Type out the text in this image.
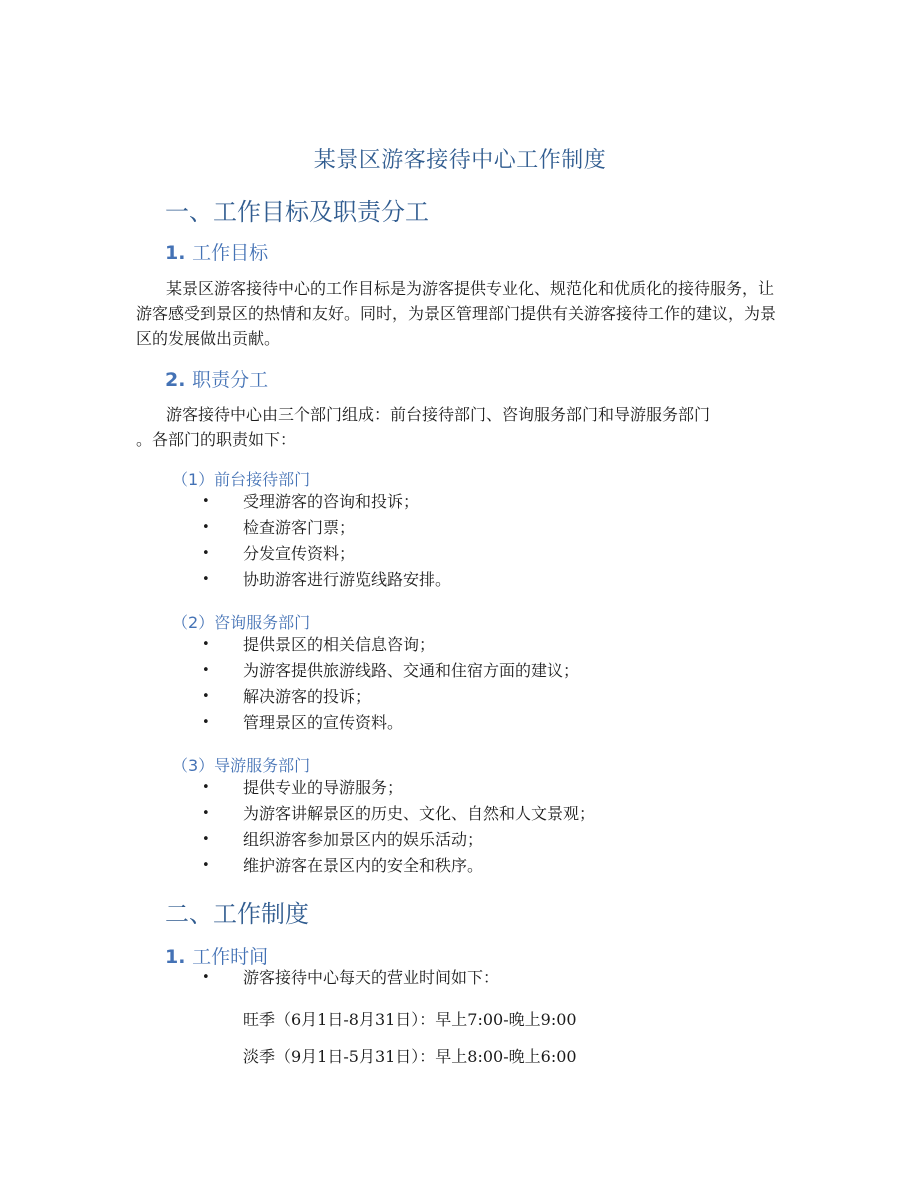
某景区游客接待中心工作制度
一、工作目标及职责分工
1. 工作目标
某景区游客接待中心的工作目标是为游客提供专业化、规范化和优质化的接待服务，让游客感受到景区的热情和友好。同时，为景区管理部门提供有关游客接待工作的建议，为景区的发展做出贡献。
2. 职责分工
游客接待中心由三个部门组成：前台接待部门、咨询服务部门和导游服务部门
。各部门的职责如下：
（1）前台接待部门
• 受理游客的咨询和投诉；
• 检查游客门票；
• 分发宣传资料；
• 协助游客进行游览线路安排。
（2）咨询服务部门
• 提供景区的相关信息咨询；
• 为游客提供旅游线路、交通和住宿方面的建议；
• 解决游客的投诉；
• 管理景区的宣传资料。
（3）导游服务部门
• 提供专业的导游服务；
• 为游客讲解景区的历史、文化、自然和人文景观；
• 组织游客参加景区内的娱乐活动；
• 维护游客在景区内的安全和秩序。
二、工作制度
1. 工作时间
• 游客接待中心每天的营业时间如下：
旺季（6月1日-8月31日）：早上7:00-晚上9:00
淡季（9月1日-5月31日）：早上8:00-晚上6:00
